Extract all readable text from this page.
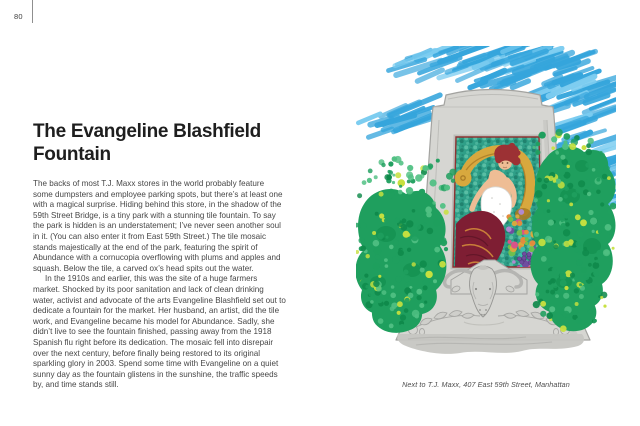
80
The Evangeline Blashfield
Fountain

The backs of most T.J. Maxx stores in the world probably feature some dumpsters and employee parking spots, but there’s at least one with a magical surprise. Hiding behind this store, in the shadow of the 59th Street Bridge, is a tiny park with a stunning tile fountain. To say the park is hidden is an understatement; I’ve never seen another soul in it. (You can also enter it from East 59th Street.) The tile mosaic stands majestically at the end of the park, featuring the spirit of Abundance with a cornucopia overflowing with plums and apples and squash. Below the tile, a carved ox’s head spits out the water.

In the 1910s and earlier, this was the site of a huge farmers market. Shocked by its poor sanitation and lack of clean drinking water, activist and advocate of the arts Evangeline Blashfield set out to dedicate a fountain for the market. Her husband, an artist, did the tile work, and Evangeline became his model for Abundance. Sadly, she didn’t live to see the fountain finished, passing away from the 1918 Spanish flu right before its dedication. The mosaic fell into disrepair over the next century, before finally being restored to its original sparkling glory in 2003. Spend some time with Evangeline on a quiet sunny day as the fountain glistens in the sunshine, the traffic speeds by, and time stands still.	Next to T.J. Maxx, 407 East 59th Street, Manhattan
